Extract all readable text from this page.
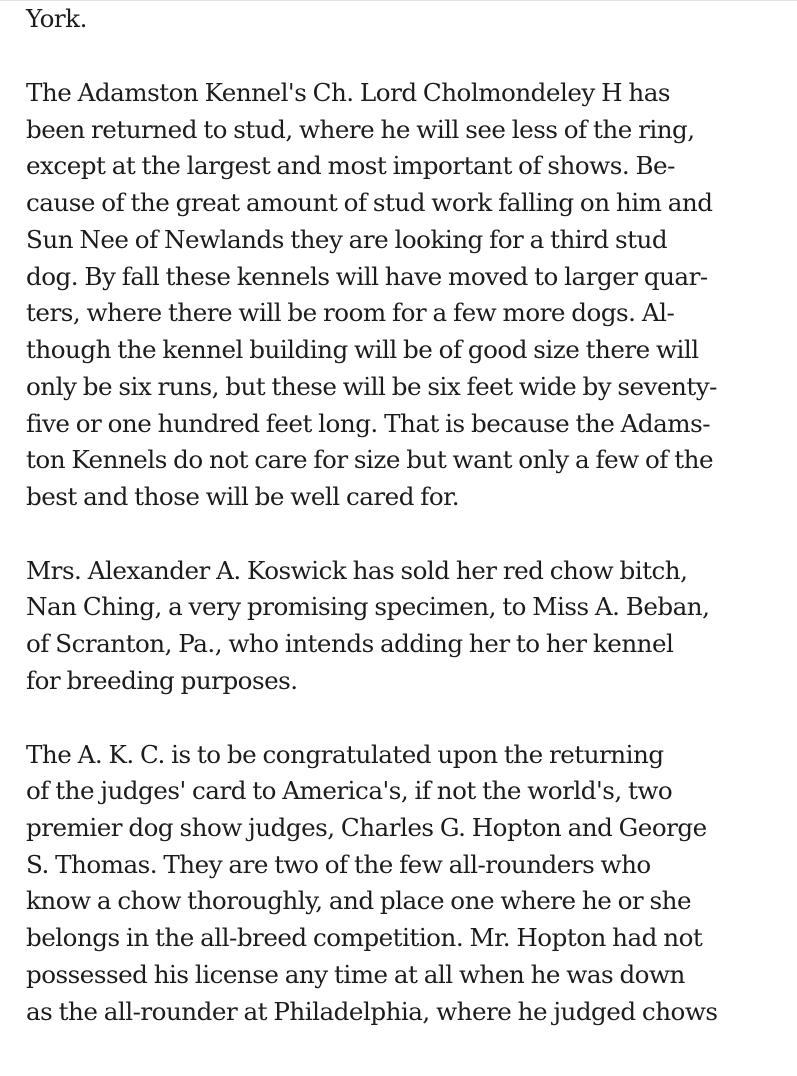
York.
The Adamston Kennel's Ch. Lord Cholmondeley H has
been returned to stud, where he will see less of the ring,
except at the largest and most important of shows. Be-
cause of the great amount of stud work falling on him and
Sun Nee of Newlands they are looking for a third stud
dog. By fall these kennels will have moved to larger quar-
ters, where there will be room for a few more dogs. Al-
though the kennel building will be of good size there will
only be six runs, but these will be six feet wide by seventy-
five or one hundred feet long. That is because the Adams-
ton Kennels do not care for size but want only a few of the
best and those will be well cared for.
Mrs. Alexander A. Koswick has sold her red chow bitch,
Nan Ching, a very promising specimen, to Miss A. Beban,
of Scranton, Pa., who intends adding her to her kennel
for breeding purposes.
The A. K. C. is to be congratulated upon the returning
of the judges' card to America's, if not the world's, two
premier dog show judges, Charles G. Hopton and George
S. Thomas. They are two of the few all-rounders who
know a chow thoroughly, and place one where he or she
belongs in the all-breed competition. Mr. Hopton had not
possessed his license any time at all when he was down
as the all-rounder at Philadelphia, where he judged chows
